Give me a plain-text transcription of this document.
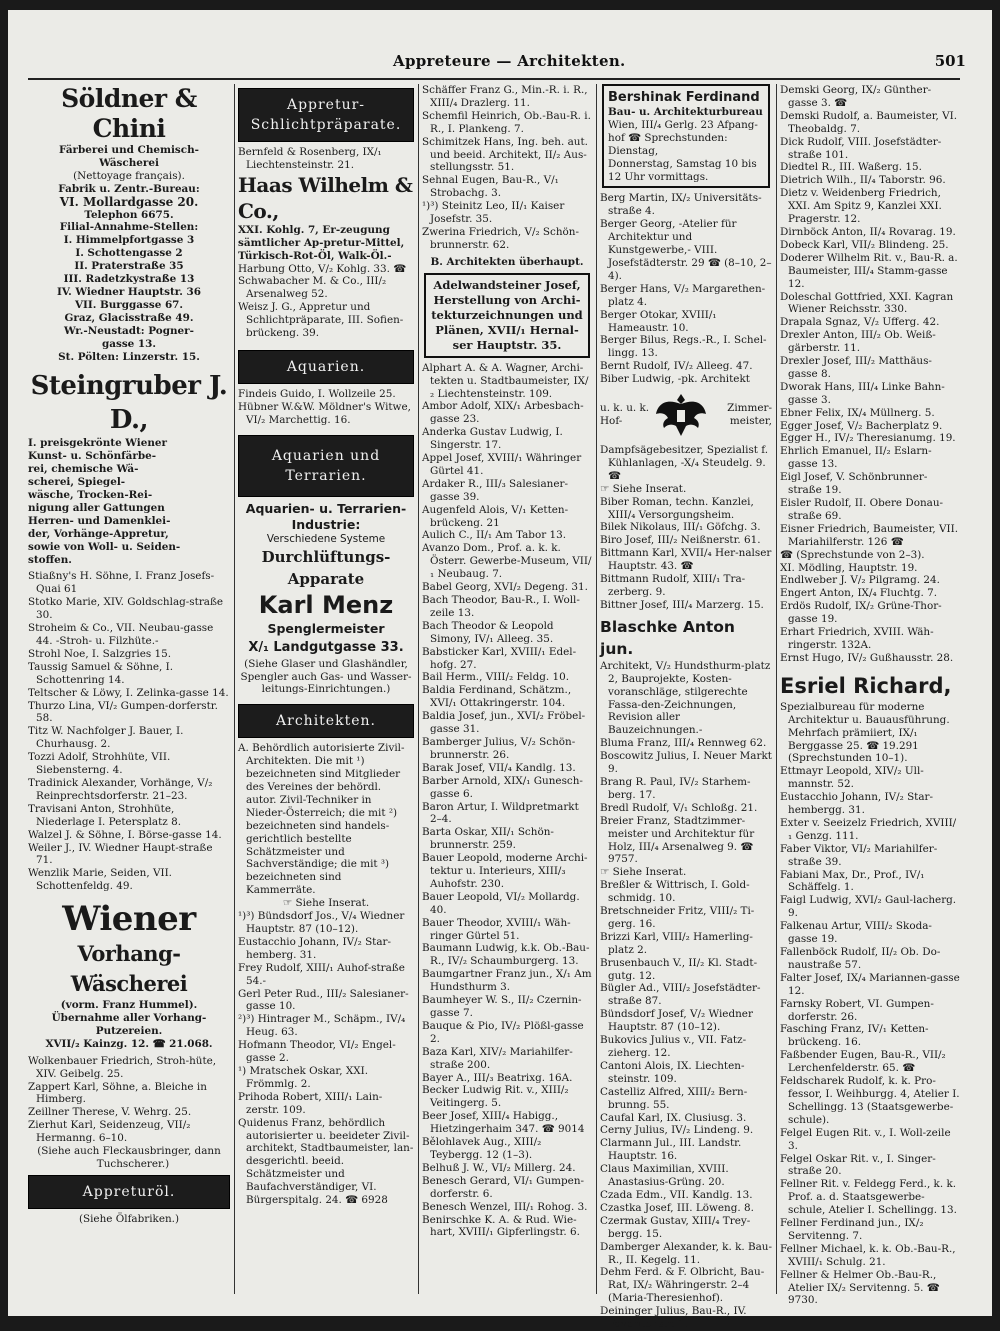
Appreteure — Architekten.	501
Söldner & Chini
Färberei und Chemisch-
Wäscherei
(Nettoyage français).
Fabrik u. Zentr.-Bureau:
VI. Mollardgasse 20.
Telephon 6675.
Filial-Annahme-Stellen:
I. Himmelpfortgasse 3
I. Schottengasse 2
II. Praterstraße 35
III. Radetzkystraße 13
IV. Wiedner Hauptstr. 36
VII. Burggasse 67.
Graz, Glacisstraße 49.
Wr.-Neustadt: Pogner-
gasse 13.
St. Pölten: Linzerstr. 15.
Steingruber J. D.,
I. preisgekrönte Wiener
Kunst- u. Schönfärbe-
rei, chemische Wä-
scherei, Spiegel-
wäsche, Trocken-Rei-
nigung aller Gattungen
Herren- und Damenklei-
der, Vorhänge-Appretur,
sowie von Woll- u. Seiden-
stoffen.
Stiaßny's H. Söhne, I. Franz Josefs-Quai 61
Stotko Marie, XIV. Goldschlag-straße 30.
Stroheim & Co., VII. Neubau-gasse 44. -Stroh- u. Filzhüte.-
Strohl Noe, I. Salzgries 15.
Taussig Samuel & Söhne, I. Schottenring 14.
Teltscher & Löwy, I. Zelinka-gasse 14.
Thurzo Lina, VI/₂ Gumpen-dorferstr. 58.
Titz W. Nachfolger J. Bauer, I. Churhausg. 2.
Tozzi Adolf, Strohhüte, VII. Siebensterng. 4.
Tradinick Alexander, Vorhänge, V/₂ Reinprechtsdorferstr. 21–23.
Travisani Anton, Strohhüte, Niederlage I. Petersplatz 8.
Walzel J. & Söhne, I. Börse-gasse 14.
Weiler J., IV. Wiedner Haupt-straße 71.
Wenzlik Marie, Seiden, VII. Schottenfeldg. 49.
Wiener
Vorhang-Wäscherei
(vorm. Franz Hummel).
Übernahme aller Vorhang-Putzereien.
XVII/₂ Kainzg. 12. ☎ 21.068.
Wolkenbauer Friedrich, Stroh-hüte, XIV. Geibelg. 25.
Zappert Karl, Söhne, a. Bleiche in Himberg.
Zeillner Therese, V. Wehrg. 25.
Zierhut Karl, Seidenzeug, VII/₂ Hermanng. 6–10.
(Siehe auch Fleckausbringer, dann Tuchscherer.)
Appreturöl.
(Siehe Ölfabriken.)
Appretur-Schlichtpräparate.
Bernfeld & Rosenberg, IX/₁ Liechtensteinstr. 21.
Haas Wilhelm & Co.,
XXI. Kohlg. 7, Er-zeugung sämtlicher Ap-pretur-Mittel, Türkisch-Rot-Öl, Walk-Öl.-
Harbung Otto, V/₂ Kohlg. 33. ☎
Schwabacher M. & Co., III/₂ Arsenalweg 52.
Weisz J. G., Appretur und Schlichtpräparate, III. Sofien-brückeng. 39.
Aquarien.
Findeis Guido, I. Wollzeile 25.
Hübner W.&W. Möldner's Witwe, VI/₂ Marchettig. 16.
Aquarien und Terrarien.
Aquarien- u. Terrarien-
Industrie:
Verschiedene Systeme
Durchlüftungs-Apparate
Karl Menz
Spenglermeister
X/₁ Landgutgasse 33.
(Siehe Glaser und Glashändler, Spengler auch Gas- und Wasser-leitungs-Einrichtungen.)
Architekten.
A. Behördlich autorisierte Zivil-Architekten. Die mit ¹) bezeichneten sind Mitglieder des Vereines der behördl. autor. Zivil-Techniker in Nieder-Österreich; die mit ²) bezeichneten sind handels-gerichtlich bestellte Schätzmeister und Sachverständige; die mit ³) bezeichneten sind Kammerräte.
☞ Siehe Inserat.
¹)³) Bündsdorf Jos., V/₄ Wiedner Hauptstr. 87 (10–12).
Eustacchio Johann, IV/₂ Star-hemberg. 31.
Frey Rudolf, XIII/₁ Auhof-straße 54.-
Gerl Peter Rud., III/₂ Salesianer-gasse 10.
²)³) Hintrager M., Schäpm., IV/₄ Heug. 63.
Hofmann Theodor, VI/₂ Engel-gasse 2.
¹) Mratschek Oskar, XXI. Frömmlg. 2.
Prihoda Robert, XIII/₁ Lain-zerstr. 109.
Quidenus Franz, behördlich autorisierter u. beeideter Zivil-architekt, Stadtbaumeister, lan-desgerichtl. beeid. Schätzmeister und Baufachverständiger, VI. Bürgerspitalg. 24. ☎ 6928
Schäffer Franz G., Min.-R. i. R., XIII/₄ Drazlerg. 11.
Schemfil Heinrich, Ob.-Bau-R. i. R., I. Plankeng. 7.
Schimitzek Hans, Ing. beh. aut. und beeid. Architekt, II/₂ Aus-stellungsstr. 51.
Sehnal Eugen, Bau-R., V/₁ Strobachg. 3.
¹)³) Steinitz Leo, II/₁ Kaiser Josefstr. 35.
Zwerina Friedrich, V/₂ Schön-brunnerstr. 62.
B. Architekten überhaupt.
Adelwandsteiner Josef,
Herstellung von Archi-
tekturzeichnungen und
Plänen, XVII/₁ Hernal-
ser Hauptstr. 35.
Alphart A. & A. Wagner, Archi-tekten u. Stadtbaumeister, IX/₂ Liechtensteinstr. 109.
Ambor Adolf, XIX/₁ Arbesbach-gasse 23.
Anderka Gustav Ludwig, I. Singerstr. 17.
Appel Josef, XVIII/₁ Währinger Gürtel 41.
Ardaker R., III/₃ Salesianer-gasse 39.
Augenfeld Alois, V/₁ Ketten-brückeng. 21
Aulich C., II/₁ Am Tabor 13.
Avanzo Dom., Prof. a. k. k. Österr. Gewerbe-Museum, VII/₁ Neubaug. 7.
Babel Georg, XVI/₂ Degeng. 31.
Bach Theodor, Bau-R., I. Woll-zeile 13.
Bach Theodor & Leopold Simony, IV/₁ Alleeg. 35.
Babsticker Karl, XVIII/₁ Edel-hofg. 27.
Bail Herm., VIII/₂ Feldg. 10.
Baldia Ferdinand, Schätzm., XVI/₁ Ottakringerstr. 104.
Baldia Josef, jun., XVI/₂ Fröbel-gasse 31.
Bamberger Julius, V/₂ Schön-brunnerstr. 26.
Barak Josef, VII/₄ Kandlg. 13.
Barber Arnold, XIX/₁ Gunesch-gasse 6.
Baron Artur, I. Wildpretmarkt 2–4.
Barta Oskar, XII/₁ Schön-brunnerstr. 259.
Bauer Leopold, moderne Archi-tektur u. Interieurs, XIII/₃ Auhofstr. 230.
Bauer Leopold, VI/₂ Mollardg. 40.
Bauer Theodor, XVIII/₁ Wäh-ringer Gürtel 51.
Baumann Ludwig, k.k. Ob.-Bau-R., IV/₂ Schaumburgerg. 13.
Baumgartner Franz jun., X/₁ Am Hundsthurm 3.
Baumheyer W. S., II/₂ Czernin-gasse 7.
Bauque & Pio, IV/₂ Plößl-gasse 2.
Baza Karl, XIV/₂ Mariahilfer-straße 200.
Bayer A., III/₃ Beatrixg. 16A.
Becker Ludwig Rit. v., XIII/₂ Veitingerg. 5.
Beer Josef, XIII/₄ Habigg., Hietzingerhaim 347. ☎ 9014
Bělohlavek Aug., XIII/₂ Teybergg. 12 (1–3).
Belhuß J. W., VI/₂ Millerg. 24.
Benesch Gerard, VI/₁ Gumpen-dorferstr. 6.
Benesch Wenzel, III/₁ Rohog. 3.
Benirschke K. A. & Rud. Wie-hart, XVIII/₁ Gipferlingstr. 6.
Bershinak Ferdinand
Bau- u. Architekturbureau
Wien, III/₄ Gerlg. 23 Afpang-
hof ☎ Sprechstunden: Dienstag,
Donnerstag, Samstag 10 bis
12 Uhr vormittags.
Berg Martin, IX/₂ Universitäts-straße 4.
Berger Georg, -Atelier für Architektur und Kunstgewerbe,- VIII. Josefstädterstr. 29 ☎ (8–10, 2–4).
Berger Hans, V/₂ Margarethen-platz 4.
Berger Otokar, XVIII/₁ Hameaustr. 10.
Berger Bilus, Regs.-R., I. Schel-lingg. 13.
Bernt Rudolf, IV/₂ Alleeg. 47.
Biber Ludwig, -pk. Architekt
u. k. u. k. Hof-
Zimmer-meister,
Dampfsägebesitzer, Spezialist f. Kühlanlagen, -X/₄ Steudelg. 9. ☎
☞ Siehe Inserat.
Biber Roman, techn. Kanzlei, XIII/₄ Versorgungsheim.
Bilek Nikolaus, III/₁ Göfchg. 3.
Biro Josef, III/₂ Neißnerstr. 61.
Bittmann Karl, XVII/₄ Her-nalser Hauptstr. 43. ☎
Bittmann Rudolf, XIII/₁ Tra-zerberg. 9.
Bittner Josef, III/₄ Marzerg. 15.
Blaschke Anton jun.
Architekt, V/₂ Hundsthurm-platz 2, Bauprojekte, Kosten-voranschläge, stilgerechte Fassa-den-Zeichnungen, Revision aller Bauzeichnungen.-
Bluma Franz, III/₄ Rennweg 62.
Boscowitz Julius, I. Neuer Markt 9.
Brang R. Paul, IV/₂ Starhem-berg. 17.
Bredl Rudolf, V/₁ Schloßg. 21.
Breier Franz, Stadtzimmer-meister und Architektur für Holz, III/₄ Arsenalweg 9. ☎ 9757.
☞ Siehe Inserat.
Breßler & Wittrisch, I. Gold-schmidg. 10.
Bretschneider Fritz, VIII/₂ Ti-gerg. 16.
Brizzi Karl, VIII/₂ Hamerling-platz 2.
Brusenbauch V., II/₂ Kl. Stadt-gutg. 12.
Bügler Ad., VIII/₂ Josefstädter-straße 87.
Bündsdorf Josef, V/₂ Wiedner Hauptstr. 87 (10–12).
Bukovics Julius v., VII. Fatz-zieherg. 12.
Cantoni Alois, IX. Liechten-steinstr. 109.
Castelliz Alfred, XIII/₂ Bern-brunng. 55.
Caufal Karl, IX. Clusiusg. 3.
Cerny Julius, IV/₂ Lindeng. 9.
Clarmann Jul., III. Landstr. Hauptstr. 16.
Claus Maximilian, XVIII. Anastasius-Grüng. 20.
Czada Edm., VII. Kandlg. 13.
Czastka Josef, III. Löweng. 8.
Czermak Gustav, XIII/₄ Trey-bergg. 15.
Damberger Alexander, k. k. Bau-R., II. Kegelg. 11.
Dehm Ferd. & F. Olbricht, Bau-Rat, IX/₂ Währingerstr. 2–4 (Maria-Theresienhof).
Deininger Julius, Bau-R., IV. Favoritenstr. 1.
Demski Georg, IX/₂ Günther-gasse 3. ☎
Demski Rudolf, a. Baumeister, VI. Theobaldg. 7.
Dick Rudolf, VIII. Josefstädter-straße 101.
Diedtel R., III. Waßerg. 15.
Dietrich Wilh., II/₄ Taborstr. 96.
Dietz v. Weidenberg Friedrich, XXI. Am Spitz 9, Kanzlei XXI. Pragerstr. 12.
Dirnböck Anton, II/₄ Rovarag. 19.
Dobeck Karl, VII/₂ Blindeng. 25.
Doderer Wilhelm Rit. v., Bau-R. a. Baumeister, III/₄ Stamm-gasse 12.
Doleschal Gottfried, XXI. Kagran Wiener Reichsstr. 330.
Drapala Sgnaz, V/₂ Ufferg. 42.
Drexler Anton, III/₂ Ob. Weiß-gärberstr. 11.
Drexler Josef, III/₂ Matthäus-gasse 8.
Dworak Hans, III/₄ Linke Bahn-gasse 3.
Ebner Felix, IX/₄ Müllnerg. 5.
Egger Josef, V/₂ Bacherplatz 9.
Egger H., IV/₂ Theresianumg. 19.
Ehrlich Emanuel, II/₂ Eslarn-gasse 13.
Eigl Josef, V. Schönbrunner-straße 19.
Eisler Rudolf, II. Obere Donau-straße 69.
Eisner Friedrich, Baumeister, VII. Mariahilferstr. 126 ☎
☎ (Sprechstunde von 2–3).
XI. Mödling, Hauptstr. 19.
Endlweber J. V/₂ Pilgramg. 24.
Engert Anton, IX/₄ Fluchtg. 7.
Erdös Rudolf, IX/₂ Grüne-Thor-gasse 19.
Erhart Friedrich, XVIII. Wäh-ringerstr. 132A.
Ernst Hugo, IV/₂ Gußhausstr. 28.
Esriel Richard,
Spezialbureau für moderne Architektur u. Bauausführung. Mehrfach prämiiert, IX/₁ Berggasse 25. ☎ 19.291 (Sprechstunden 10–1).
Ettmayr Leopold, XIV/₂ Ull-mannstr. 52.
Eustacchio Johann, IV/₂ Star-hembergg. 31.
Exter v. Seeizelz Friedrich, XVIII/₁ Genzg. 111.
Faber Viktor, VI/₂ Mariahilfer-straße 39.
Fabiani Max, Dr., Prof., IV/₁ Schäffelg. 1.
Faigl Ludwig, XVI/₂ Gaul-lacherg. 9.
Falkenau Artur, VIII/₂ Skoda-gasse 19.
Fallenböck Rudolf, II/₂ Ob. Do-naustraße 57.
Falter Josef, IX/₄ Mariannen-gasse 12.
Farnsky Robert, VI. Gumpen-dorferstr. 26.
Fasching Franz, IV/₁ Ketten-brückeng. 16.
Faßbender Eugen, Bau-R., VII/₂ Lerchenfelderstr. 65. ☎
Feldscharek Rudolf, k. k. Pro-fessor, I. Weihburgg. 4, Atelier I. Schellingg. 13 (Staatsgewerbe-schule).
Felgel Eugen Rit. v., I. Woll-zeile 3.
Felgel Oskar Rit. v., I. Singer-straße 20.
Fellner Rit. v. Feldegg Ferd., k. k. Prof. a. d. Staatsgewerbe-schule, Atelier I. Schellingg. 13.
Fellner Ferdinand jun., IX/₂ Servitenng. 7.
Fellner Michael, k. k. Ob.-Bau-R., XVIII/₁ Schulg. 21.
Fellner & Helmer Ob.-Bau-R., Atelier IX/₂ Servitenng. 5. ☎ 9730.
